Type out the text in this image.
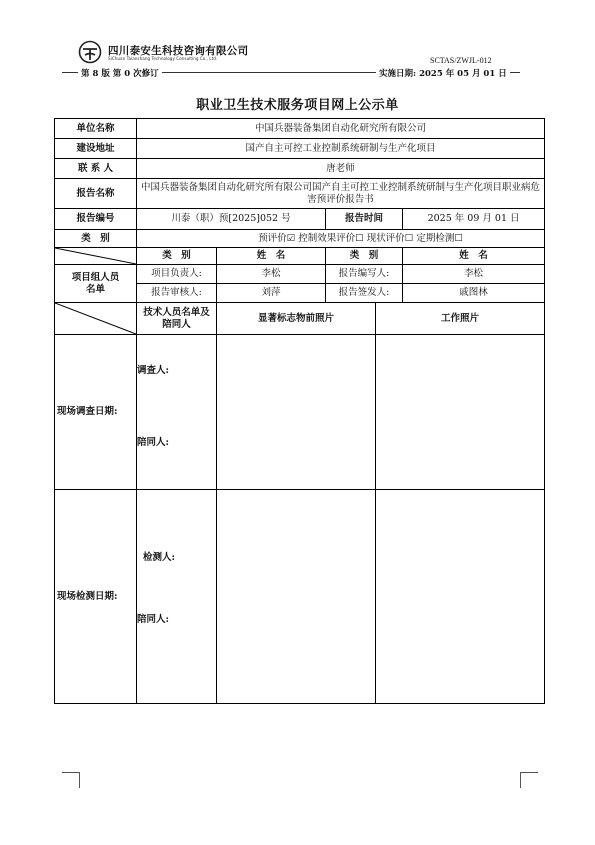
四川泰安生科技咨询有限公司
SiChuan Taianshang Technology Consulting Co., Ltd.	SCTAS/ZWJL-012
第 8 版 第 0 次修订	实施日期: 2025 年 05 月 01 日
职业卫生技术服务项目网上公示单
单位名称	中国兵器装备集团自动化研究所有限公司				
建设地址	国产自主可控工业控制系统研制与生产化项目				
联 系 人	唐老师				
报告名称	中国兵器装备集团自动化研究所有限公司国产自主可控工业控制系统研制与生产化项目职业病危害预评价报告书				
报告编号	川泰（职）预[2025]052 号		报告时间		2025 年 09 月 01 日
类　别	预评价☑ 控制效果评价☐ 现状评价☐ 定期检测☐				

	类　别	姓　名	类　别		姓　名
项目组人员名单	项目负责人:	李松	报告编写人:		李松
	报告审核人:	刘萍	报告签发人:		戚图林

	技术人员名单及陪同人	显著标志物前照片		工作照片	
现场调查日期:	调查人:
陪同人:				

现场检测日期:	检测人:
陪同人:				
